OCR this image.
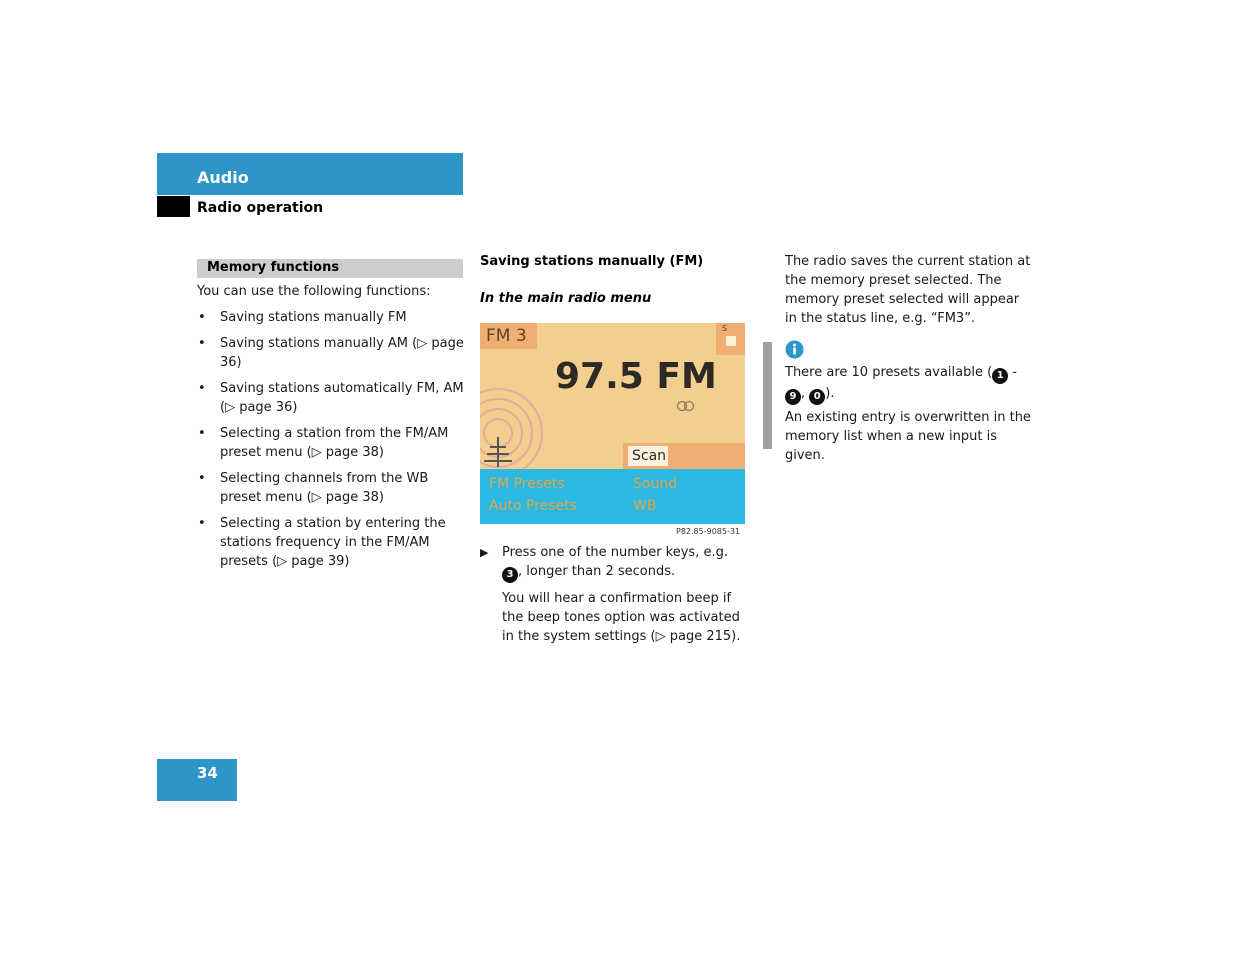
Audio
Radio operation
Memory functions
You can use the following functions:
• Saving stations manually FM
• Saving stations manually AM (▷ page 36)
• Saving stations automatically FM, AM (▷ page 36)
• Selecting a station from the FM/AM preset menu (▷ page 38)
• Selecting channels from the WB preset menu (▷ page 38)
• Selecting a station by entering the stations frequency in the FM/AM presets (▷ page 39)
Saving stations manually (FM)
In the main radio menu
FM 3	S
97.5 FM
Scan
FM Presets	Sound
Auto Presets	WB
P82.85-9085-31
▶ Press one of the number keys, e.g. 3 , longer than 2 seconds.
You will hear a confirmation beep if the beep tones option was activated in the system settings (▷ page 215).
The radio saves the current station at the memory preset selected. The memory preset selected will appear in the status line, e.g. “FM3”.
There are 10 presets available ( 1 - 9 , 0 ).
An existing entry is overwritten in the memory list when a new input is given.
34
